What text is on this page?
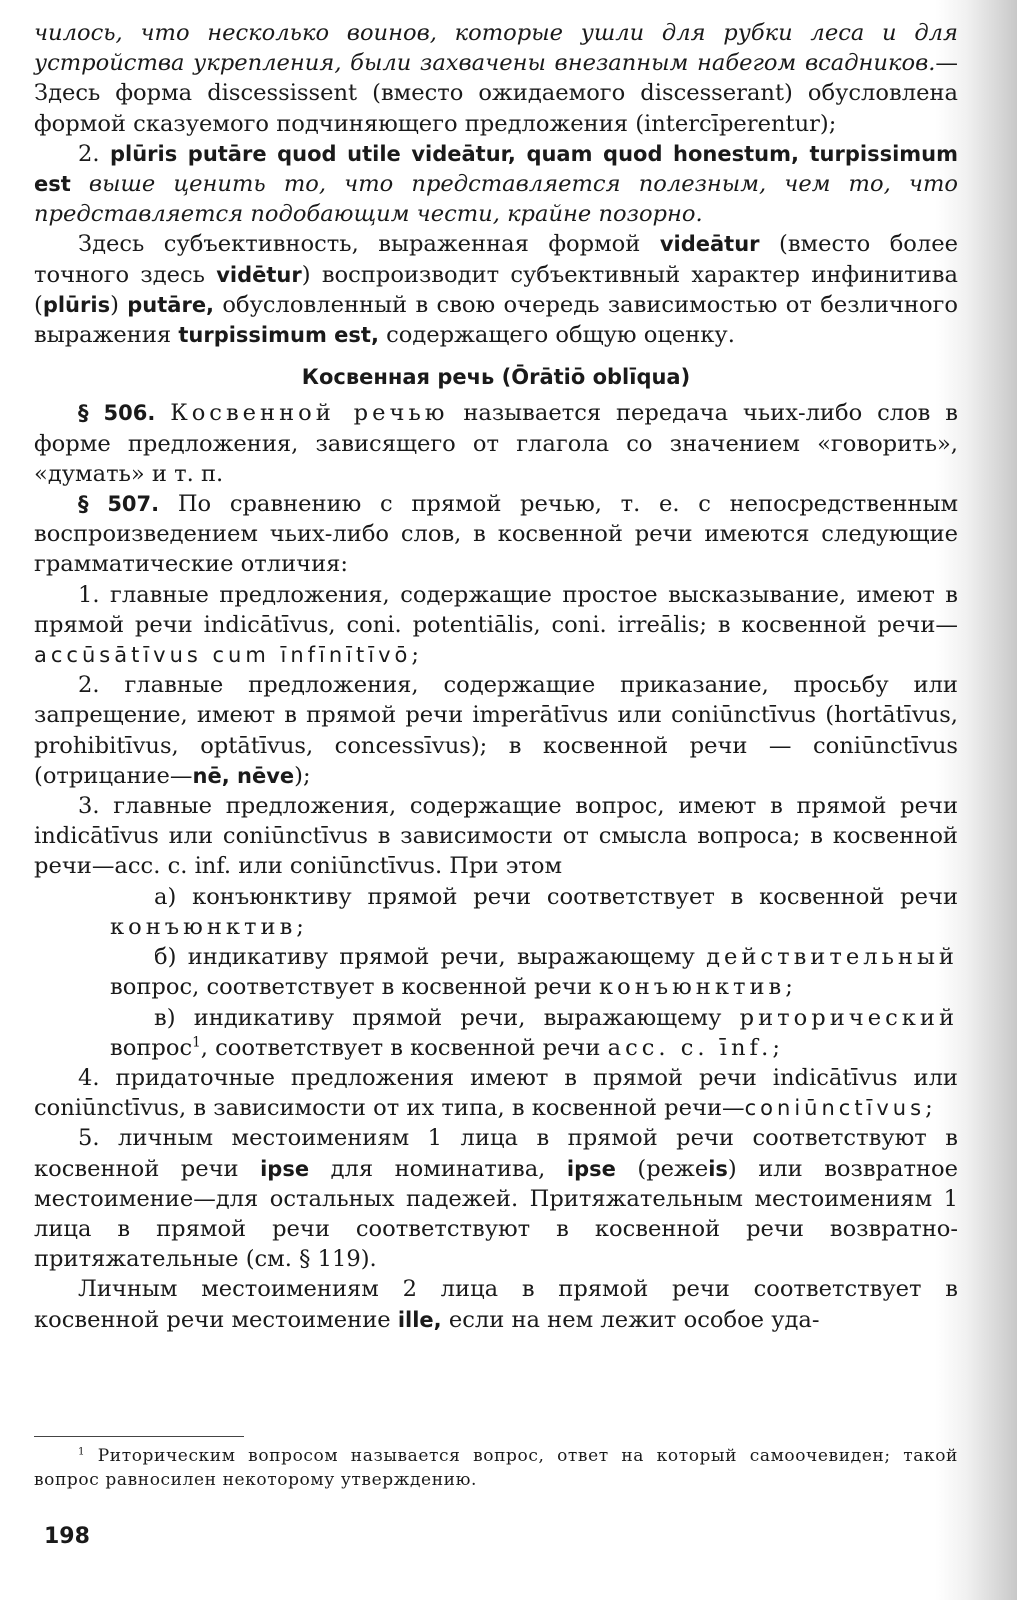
чилось, что несколько воинов, которые ушли для рубки леса и для устройства укрепления, были захвачены внезапным набегом всадников.—Здесь форма discessissent (вместо ожидаемого discesserant) обусловлена формой сказуемого подчиняющего предложения (intercīperentur);

2. plūris putāre quod utile videātur, quam quod honestum, turpissimum est выше ценить то, что представляется полезным, чем то, что представляется подобающим чести, крайне позорно.

Здесь субъективность, выраженная формой videātur (вместо более точного здесь vidētur) воспроизводит субъективный характер инфинитива (plūris) putāre, обусловленный в свою очередь зависимостью от безличного выражения turpissimum est, содержащего общую оценку.

Косвенная речь (Ōrātiō oblīqua)

§ 506. Косвенной речью называется передача чьих-либо слов в форме предложения, зависящего от глагола со значением «говорить», «думать» и т. п.

§ 507. По сравнению с прямой речью, т. е. с непосредственным воспроизведением чьих-либо слов, в косвенной речи имеются следующие грамматические отличия:

1. главные предложения, содержащие простое высказывание, имеют в прямой речи indicātīvus, coni. potentiālis, coni. irreālis; в косвенной речи—accūsātīvus cum īnfīnītīvō;

2. главные предложения, содержащие приказание, просьбу или запрещение, имеют в прямой речи imperātīvus или coniūnctīvus (hortātīvus, prohibitīvus, optātīvus, concessīvus); в косвенной речи — coniūnctīvus (отрицание—nē, nēve);

3. главные предложения, содержащие вопрос, имеют в прямой речи indicātīvus или coniūnctīvus в зависимости от смысла вопроса; в косвенной речи—acc. c. inf. или coniūnctīvus. При этом

а) конъюнктиву прямой речи соответствует в косвенной речи конъюнктив;

б) индикативу прямой речи, выражающему действительный вопрос, соответствует в косвенной речи конъюнктив;

в) индикативу прямой речи, выражающему риторический вопрос$^1$, соответствует в косвенной речи acc. c. īnf.;

4. придаточные предложения имеют в прямой речи indicātīvus или coniūnctīvus, в зависимости от их типа, в косвенной речи—coniūnctīvus;

5. личным местоимениям 1 лица в прямой речи соответствуют в косвенной речи ipse для номинатива, ipse (режеis) или возвратное местоимение—для остальных падежей. Притяжательным местоимениям 1 лица в прямой речи соответствуют в косвенной речи возвратно-притяжательные (см. § 119).

Личным местоимениям 2 лица в прямой речи соответствует в косвенной речи местоимение ille, если на нем лежит особое уда-

$^1$ Риторическим вопросом называется вопрос, ответ на который самоочевиден; такой вопрос равносилен некоторому утверждению.

198
